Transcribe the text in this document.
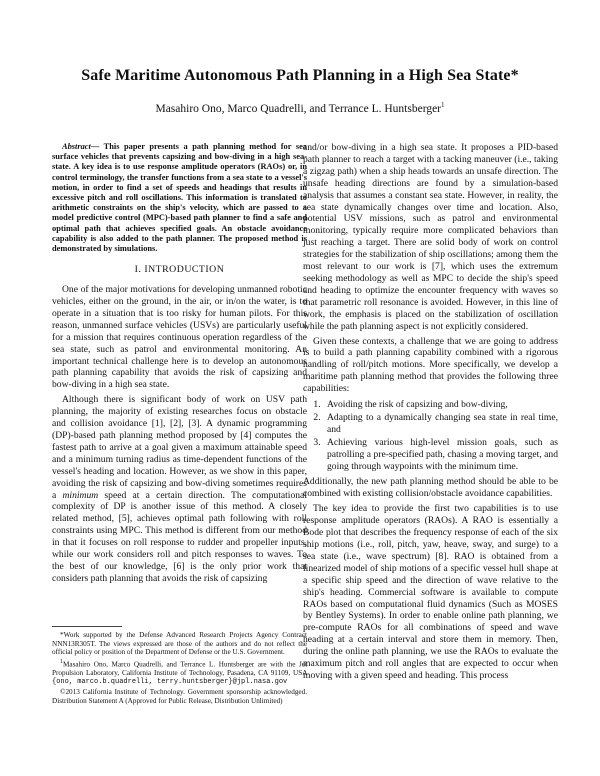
Safe Maritime Autonomous Path Planning in a High Sea State*
Masahiro Ono, Marco Quadrelli, and Terrance L. Huntsberger$^1$

Abstract— This paper presents a path planning method for sea surface vehicles that prevents capsizing and bow-diving in a high sea-state. A key idea is to use response amplitude operators (RAOs) or, in control terminology, the transfer functions from a sea state to a vessel's motion, in order to find a set of speeds and headings that results in excessive pitch and roll oscillations. This information is translated to arithmetic constraints on the ship's velocity, which are passed to a model predictive control (MPC)-based path planner to find a safe and optimal path that achieves specified goals. An obstacle avoidance capability is also added to the path planner. The proposed method is demonstrated by simulations.

I. INTRODUCTION

One of the major motivations for developing unmanned robotic vehicles, either on the ground, in the air, or in/on the water, is to operate in a situation that is too risky for human pilots. For this reason, unmanned surface vehicles (USVs) are particularly useful for a mission that requires continuous operation regardless of the sea state, such as patrol and environmental monitoring. An important technical challenge here is to develop an autonomous path planning capability that avoids the risk of capsizing and bow-diving in a high sea state.

Although there is significant body of work on USV path planning, the majority of existing researches focus on obstacle and collision avoidance [1], [2], [3]. A dynamic programming (DP)-based path planning method proposed by [4] computes the fastest path to arrive at a goal given a maximum attainable speed and a minimum turning radius as time-dependent functions of the vessel's heading and location. However, as we show in this paper, avoiding the risk of capsizing and bow-diving sometimes requires a minimum speed at a certain direction. The computational complexity of DP is another issue of this method. A closely related method, [5], achieves optimal path following with roll constraints using MPC. This method is different from our method in that it focuses on roll response to rudder and propeller inputs, while our work considers roll and pitch responses to waves. To the best of our knowledge, [6] is the only prior work that considers path planning that avoids the risk of capsizing

*Work supported by the Defense Advanced Research Projects Agency Contract NNN13R305T. The views expressed are those of the authors and do not reflect the official policy or position of the Department of Defense or the U.S. Government.

$^1$Masahiro Ono, Marco Quadrelli, and Terrance L. Huntsberger are with the Jet Propulsion Laboratory, California Institute of Technology, Pasadena, CA 91109, USA {ono, marco.b.quadrelli, terry.huntsberger}@jpl.nasa.gov

©2013 California Institute of Technology. Government sponsorship acknowledged. Distribution Statement A (Approved for Public Release, Distribution Unlimited)

and/or bow-diving in a high sea state. It proposes a PID-based path planner to reach a target with a tacking maneuver (i.e., taking a zigzag path) when a ship heads towards an unsafe direction. The unsafe heading directions are found by a simulation-based analysis that assumes a constant sea state. However, in reality, the sea state dynamically changes over time and location. Also, potential USV missions, such as patrol and environmental monitoring, typically require more complicated behaviors than just reaching a target. There are solid body of work on control strategies for the stabilization of ship oscillations; among them the most relevant to our work is [7], which uses the extremum seeking methodology as well as MPC to decide the ship's speed and heading to optimize the encounter frequency with waves so that parametric roll resonance is avoided. However, in this line of work, the emphasis is placed on the stabilization of oscillation while the path planning aspect is not explicitly considered.

Given these contexts, a challenge that we are going to address is to build a path planning capability combined with a rigorous handling of roll/pitch motions. More specifically, we develop a maritime path planning method that provides the following three capabilities:

1. Avoiding the risk of capsizing and bow-diving,
2. Adapting to a dynamically changing sea state in real time, and
3. Achieving various high-level mission goals, such as patrolling a pre-specified path, chasing a moving target, and going through waypoints with the minimum time.

Additionally, the new path planning method should be able to be combined with existing collision/obstacle avoidance capabilities.

The key idea to provide the first two capabilities is to use response amplitude operators (RAOs). A RAO is essentially a Bode plot that describes the frequency response of each of the six ship motions (i.e., roll, pitch, yaw, heave, sway, and surge) to a sea state (i.e., wave spectrum) [8]. RAO is obtained from a linearized model of ship motions of a specific vessel hull shape at a specific ship speed and the direction of wave relative to the ship's heading. Commercial software is available to compute RAOs based on computational fluid dynamics (Such as MOSES by Bentley Systems). In order to enable online path planning, we pre-compute RAOs for all combinations of speed and wave heading at a certain interval and store them in memory. Then, during the online path planning, we use the RAOs to evaluate the maximum pitch and roll angles that are expected to occur when moving with a given speed and heading. This process
